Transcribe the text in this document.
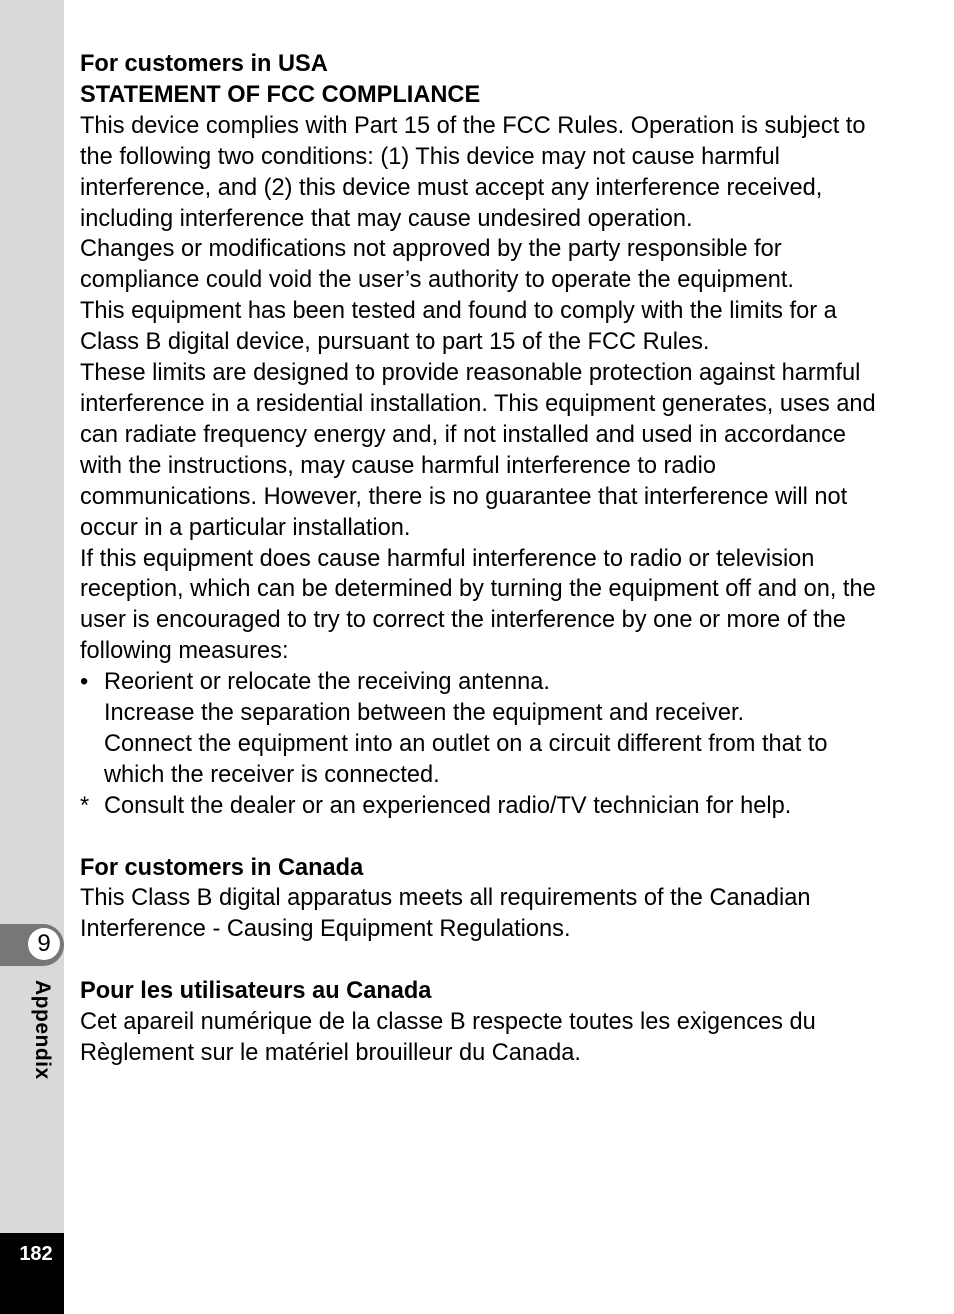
9
Appendix
182

For customers in USA

STATEMENT OF FCC COMPLIANCE

This device complies with Part 15 of the FCC Rules. Operation is subject to the following two conditions: (1) This device may not cause harmful interference, and (2) this device must accept any interference received, including interference that may cause undesired operation.

Changes or modifications not approved by the party responsible for compliance could void the user’s authority to operate the equipment.

This equipment has been tested and found to comply with the limits for a Class B digital device, pursuant to part 15 of the FCC Rules.

These limits are designed to provide reasonable protection against harmful interference in a residential installation. This equipment generates, uses and can radiate frequency energy and, if not installed and used in accordance with the instructions, may cause harmful interference to radio communications. However, there is no guarantee that interference will not occur in a particular installation.

If this equipment does cause harmful interference to radio or television reception, which can be determined by turning the equipment off and on, the user is encouraged to try to correct the interference by one or more of the following measures:

• Reorient or relocate the receiving antenna.
Increase the separation between the equipment and receiver.
Connect the equipment into an outlet on a circuit different from that to which the receiver is connected.
* Consult the dealer or an experienced radio/TV technician for help.

For customers in Canada

This Class B digital apparatus meets all requirements of the Canadian Interference - Causing Equipment Regulations.

Pour les utilisateurs au Canada

Cet apareil numérique de la classe B respecte toutes les exigences du Règlement sur le matériel brouilleur du Canada.
